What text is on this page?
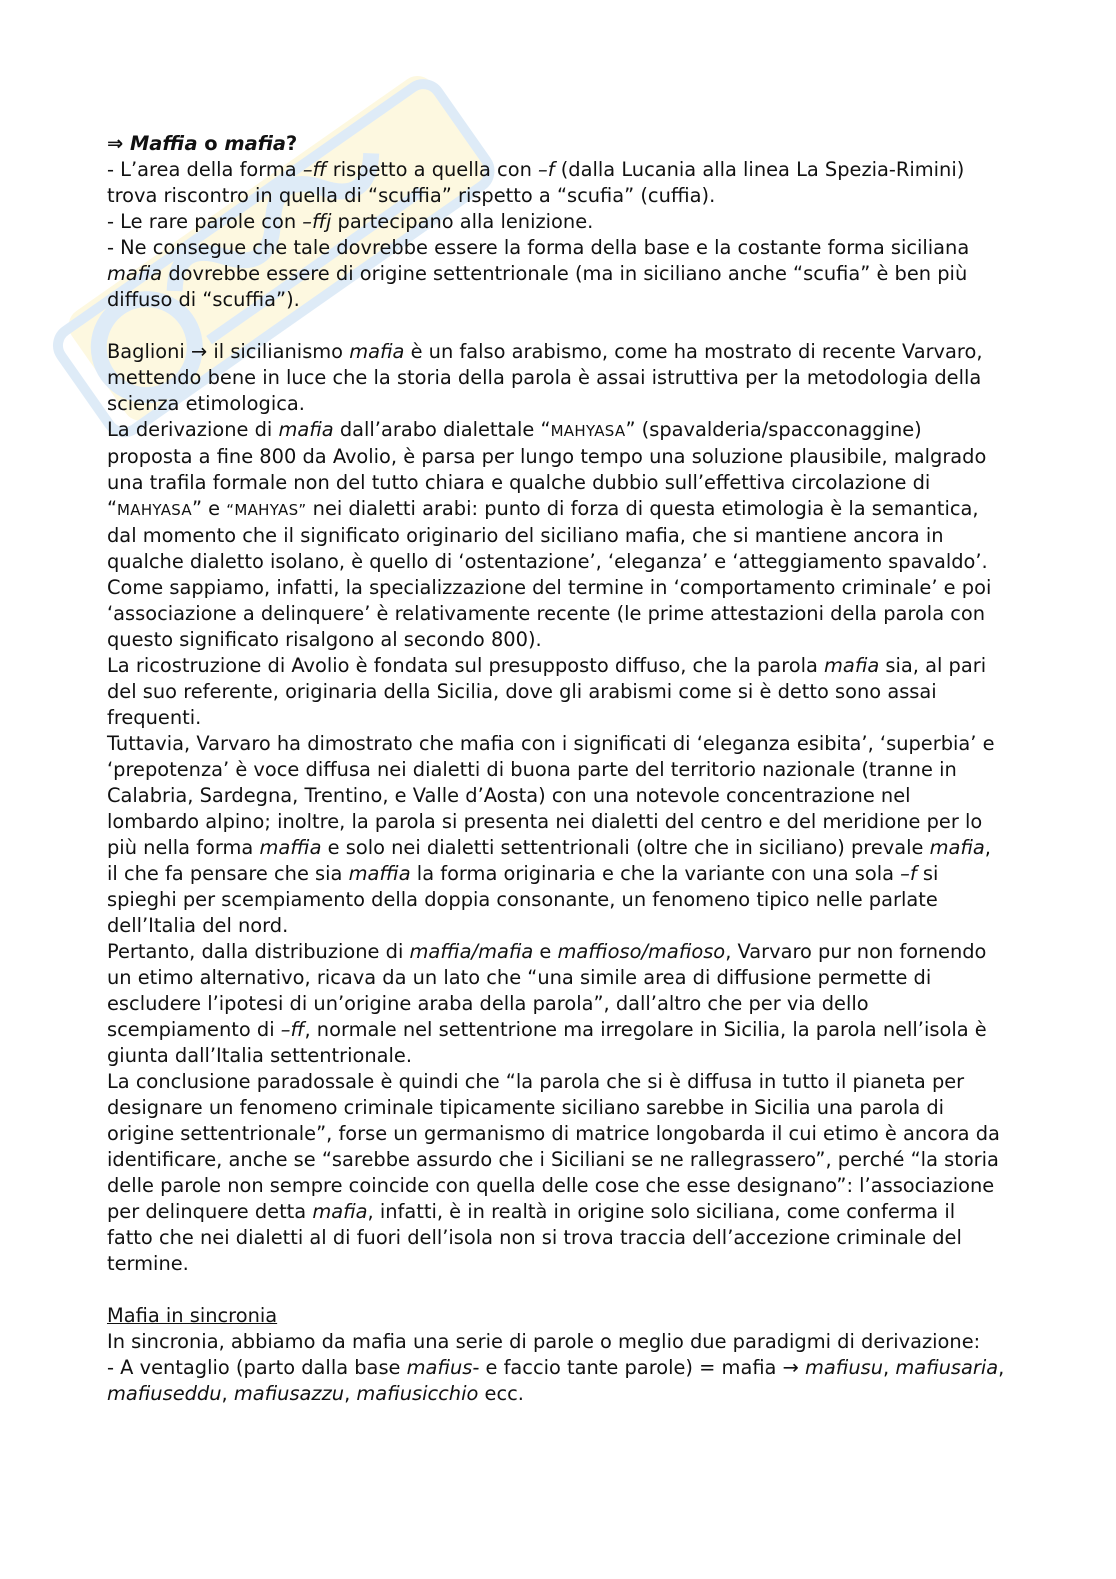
⇒ Maffia o mafia?

- L’area della forma –ff rispetto a quella con –f (dalla Lucania alla linea La Spezia-Rimini) trova riscontro in quella di “scuffia” rispetto a “scufia” (cuffia).

- Le rare parole con –ffj partecipano alla lenizione.

- Ne consegue che tale dovrebbe essere la forma della base e la costante forma siciliana mafia dovrebbe essere di origine settentrionale (ma in siciliano anche “scufia” è ben più diffuso di “scuffia”).

Baglioni → il sicilianismo mafia è un falso arabismo, come ha mostrato di recente Varvaro, mettendo bene in luce che la storia della parola è assai istruttiva per la metodologia della scienza etimologica.

La derivazione di mafia dall’arabo dialettale “MAHYASA” (spavalderia/spacconaggine) proposta a fine 800 da Avolio, è parsa per lungo tempo una soluzione plausibile, malgrado una trafila formale non del tutto chiara e qualche dubbio sull’effettiva circolazione di “MAHYASA” e “MAHYAS” nei dialetti arabi: punto di forza di questa etimologia è la semantica, dal momento che il significato originario del siciliano mafia, che si mantiene ancora in qualche dialetto isolano, è quello di ‘ostentazione’, ‘eleganza’ e ‘atteggiamento spavaldo’. Come sappiamo, infatti, la specializzazione del termine in ‘comportamento criminale’ e poi ‘associazione a delinquere’ è relativamente recente (le prime attestazioni della parola con questo significato risalgono al secondo 800).

La ricostruzione di Avolio è fondata sul presupposto diffuso, che la parola mafia sia, al pari del suo referente, originaria della Sicilia, dove gli arabismi come si è detto sono assai frequenti.

Tuttavia, Varvaro ha dimostrato che mafia con i significati di ‘eleganza esibita’, ‘superbia’ e ‘prepotenza’ è voce diffusa nei dialetti di buona parte del territorio nazionale (tranne in Calabria, Sardegna, Trentino, e Valle d’Aosta) con una notevole concentrazione nel lombardo alpino; inoltre, la parola si presenta nei dialetti del centro e del meridione per lo più nella forma maffia e solo nei dialetti settentrionali (oltre che in siciliano) prevale mafia, il che fa pensare che sia maffia la forma originaria e che la variante con una sola –f si spieghi per scempiamento della doppia consonante, un fenomeno tipico nelle parlate dell’Italia del nord.

Pertanto, dalla distribuzione di maffia/mafia e maffioso/mafioso, Varvaro pur non fornendo un etimo alternativo, ricava da un lato che “una simile area di diffusione permette di escludere l’ipotesi di un’origine araba della parola”, dall’altro che per via dello scempiamento di –ff, normale nel settentrione ma irregolare in Sicilia, la parola nell’isola è giunta dall’Italia settentrionale.

La conclusione paradossale è quindi che “la parola che si è diffusa in tutto il pianeta per designare un fenomeno criminale tipicamente siciliano sarebbe in Sicilia una parola di origine settentrionale”, forse un germanismo di matrice longobarda il cui etimo è ancora da identificare, anche se “sarebbe assurdo che i Siciliani se ne rallegrassero”, perché “la storia delle parole non sempre coincide con quella delle cose che esse designano”: l’associazione per delinquere detta mafia, infatti, è in realtà in origine solo siciliana, come conferma il fatto che nei dialetti al di fuori dell’isola non si trova traccia dell’accezione criminale del termine.

Mafia in sincronia

In sincronia, abbiamo da mafia una serie di parole o meglio due paradigmi di derivazione:

- A ventaglio (parto dalla base mafius- e faccio tante parole) = mafia → mafiusu, mafiusaria, mafiuseddu, mafiusazzu, mafiusicchio ecc.
